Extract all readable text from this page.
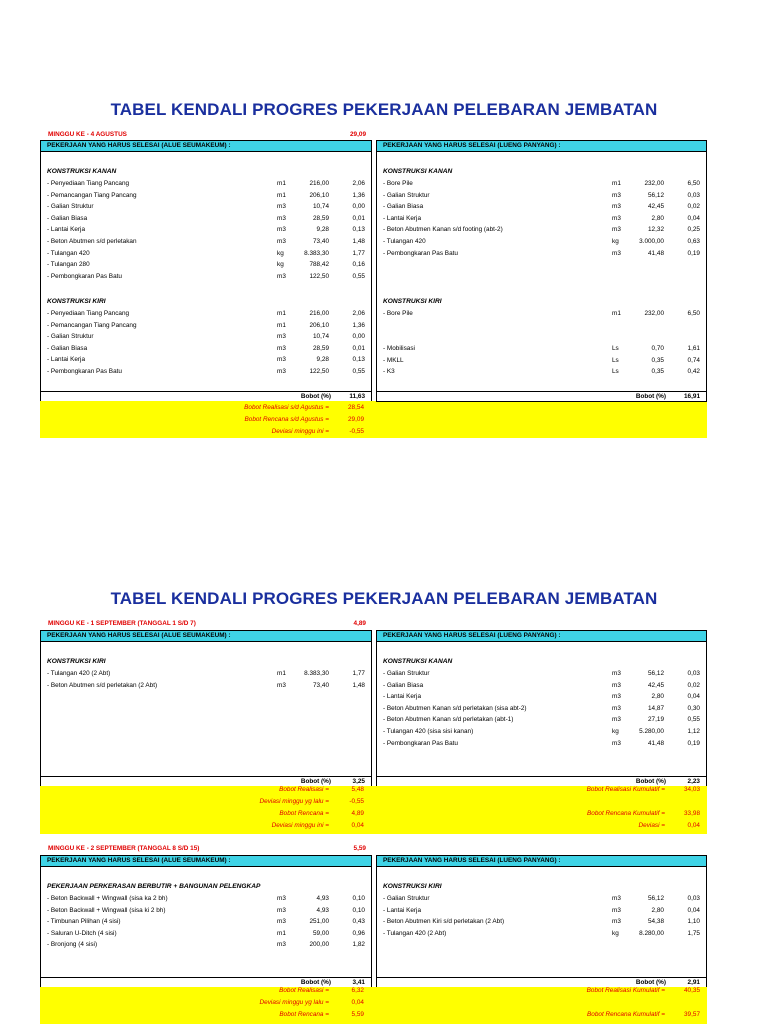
TABEL KENDALI PROGRES PEKERJAAN PELEBARAN JEMBATAN
MINGGU KE - 4 AGUSTUS	29,09
PEKERJAAN YANG HARUS SELESAI (ALUE SEUMAKEUM) :
KONSTRUKSI KANAN
- Penyediaan Tiang Pancang	m1	216,00	2,06
- Pemancangan Tiang Pancang	m1	206,10	1,36
- Galian Struktur	m3	10,74	0,00
- Galian Biasa	m3	28,59	0,01
- Lantai Kerja	m3	9,28	0,13
- Beton Abutmen s/d perletakan	m3	73,40	1,48
- Tulangan 420	kg	8.383,30	1,77
- Tulangan 280	kg	788,42	0,16
- Pembongkaran Pas Batu	m3	122,50	0,55
KONSTRUKSI KIRI
- Penyediaan Tiang Pancang	m1	216,00	2,06
- Pemancangan Tiang Pancang	m1	206,10	1,36
- Galian Struktur	m3	10,74	0,00
- Galian Biasa	m3	28,59	0,01
- Lantai Kerja	m3	9,28	0,13
- Pembongkaran Pas Batu	m3	122,50	0,55
Bobot (%)	11,63
PEKERJAAN YANG HARUS SELESAI (LUENG PANYANG) :
KONSTRUKSI KANAN
- Bore Pile	m1	232,00	6,50
- Galian Struktur	m3	56,12	0,03
- Galian Biasa	m3	42,45	0,02
- Lantai Kerja	m3	2,80	0,04
- Beton Abutmen Kanan s/d footing (abt-2)	m3	12,32	0,25
- Tulangan 420	kg	3.000,00	0,63
- Pembongkaran Pas Batu	m3	41,48	0,19
KONSTRUKSI KIRI
- Bore Pile	m1	232,00	6,50
- Mobilisasi	Ls	0,70	1,61
- MKLL	Ls	0,35	0,74
- K3	Ls	0,35	0,42
Bobot (%)	16,91
TABEL KENDALI PROGRES PEKERJAAN PELEBARAN JEMBATAN
MINGGU KE - 1 SEPTEMBER (TANGGAL 1 S/D 7)	4,89
PEKERJAAN YANG HARUS SELESAI (ALUE SEUMAKEUM) :
KONSTRUKSI KIRI
- Tulangan 420 (2 Abt)	m1	8.383,30	1,77
- Beton Abutmen s/d perletakan (2 Abt)	m3	73,40	1,48
Bobot (%)	3,25
PEKERJAAN YANG HARUS SELESAI (LUENG PANYANG) :
KONSTRUKSI KANAN
- Galian Struktur	m3	56,12	0,03
- Galian Biasa	m3	42,45	0,02
- Lantai Kerja	m3	2,80	0,04
- Beton Abutmen Kanan s/d perletakan (sisa abt-2)	m3	14,87	0,30
- Beton Abutmen Kanan s/d perletakan (abt-1)	m3	27,19	0,55
- Tulangan 420 (sisa sisi kanan)	kg	5.280,00	1,12
- Pembongkaran Pas Batu	m3	41,48	0,19
Bobot (%)	2,23
MINGGU KE - 2 SEPTEMBER (TANGGAL 8 S/D 15)	5,59
PEKERJAAN YANG HARUS SELESAI (ALUE SEUMAKEUM) :
PEKERJAAN PERKERASAN BERBUTIR + BANGUNAN PELENGKAP
- Beton Backwall + Wingwall (sisa ka 2 bh)	m3	4,93	0,10
- Beton Backwall + Wingwall (sisa ki 2 bh)	m3	4,93	0,10
- Timbunan Pilihan (4 sisi)	m3	251,00	0,43
- Saluran U-Ditch (4 sisi)	m1	59,00	0,96
- Bronjong (4 sisi)	m3	200,00	1,82
Bobot (%)	3,41
PEKERJAAN YANG HARUS SELESAI (LUENG PANYANG) :
KONSTRUKSI KIRI
- Galian Struktur	m3	56,12	0,03
- Lantai Kerja	m3	2,80	0,04
- Beton Abutmen Kiri s/d perletakan (2 Abt)	m3	54,38	1,10
- Tulangan 420 (2 Abt)	kg	8.280,00	1,75
Bobot (%)	2,91
Bobot Realisasi s/d Agustus =	28,54
Bobot Rencana s/d Agustus =	29,09
Deviasi minggu ini =	-0,55
Bobot Realisasi =	5,48
Deviasi minggu yg lalu =	-0,55
Bobot Rencana =	4,89
Deviasi minggu ini =	0,04
Bobot Realisasi Kumulatif =	34,03
Bobot Rencana Kumulatif =	33,98
Deviasi =	0,04
Bobot Realisasi Kumulatif =	40,35
Bobot Rencana Kumulatif =	39,57
Bobot Realisasi =	6,32
Deviasi minggu yg lalu =	0,04
Bobot Rencana =	5,59
